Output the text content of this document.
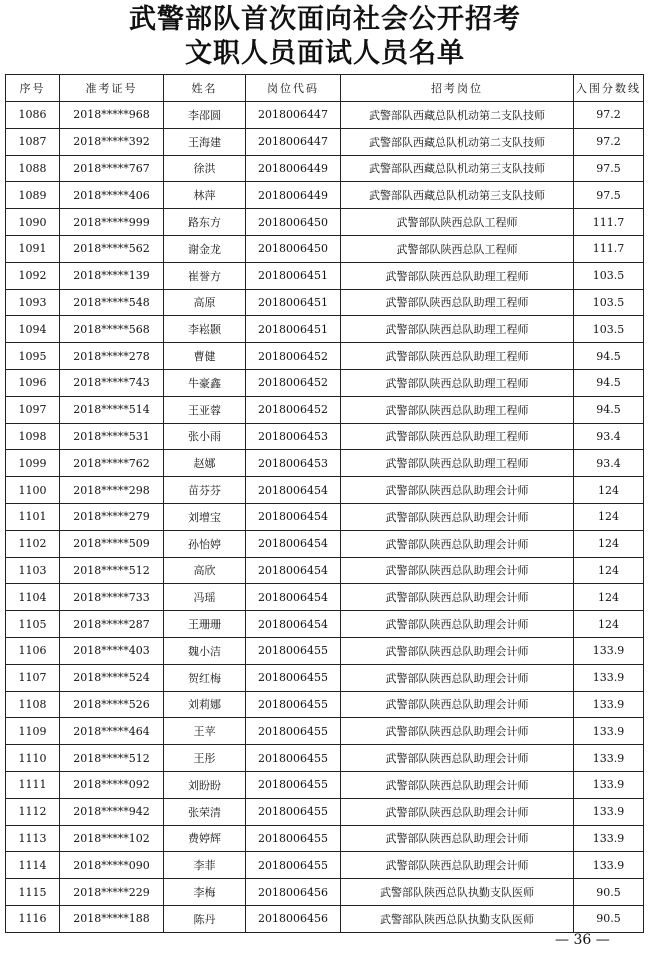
武警部队首次面向社会公开招考
文职人员面试人员名单
序号	准考证号	姓名	岗位代码	招考岗位	入围分数线
1086	2018*****968	李邵圆	2018006447	武警部队西藏总队机动第二支队技师	97.2
1087	2018*****392	王海建	2018006447	武警部队西藏总队机动第二支队技师	97.2
1088	2018*****767	徐洪	2018006449	武警部队西藏总队机动第三支队技师	97.5
1089	2018*****406	林萍	2018006449	武警部队西藏总队机动第三支队技师	97.5
1090	2018*****999	路东方	2018006450	武警部队陕西总队工程师	111.7
1091	2018*****562	谢金龙	2018006450	武警部队陕西总队工程师	111.7
1092	2018*****139	崔誉方	2018006451	武警部队陕西总队助理工程师	103.5
1093	2018*****548	高原	2018006451	武警部队陕西总队助理工程师	103.5
1094	2018*****568	李崧颢	2018006451	武警部队陕西总队助理工程师	103.5
1095	2018*****278	曹健	2018006452	武警部队陕西总队助理工程师	94.5
1096	2018*****743	牛豪鑫	2018006452	武警部队陕西总队助理工程师	94.5
1097	2018*****514	王亚蓉	2018006452	武警部队陕西总队助理工程师	94.5
1098	2018*****531	张小雨	2018006453	武警部队陕西总队助理工程师	93.4
1099	2018*****762	赵娜	2018006453	武警部队陕西总队助理工程师	93.4
1100	2018*****298	苗芬芬	2018006454	武警部队陕西总队助理会计师	124
1101	2018*****279	刘增宝	2018006454	武警部队陕西总队助理会计师	124
1102	2018*****509	孙怡婷	2018006454	武警部队陕西总队助理会计师	124
1103	2018*****512	高欣	2018006454	武警部队陕西总队助理会计师	124
1104	2018*****733	冯瑶	2018006454	武警部队陕西总队助理会计师	124
1105	2018*****287	王珊珊	2018006454	武警部队陕西总队助理会计师	124
1106	2018*****403	魏小洁	2018006455	武警部队陕西总队助理会计师	133.9
1107	2018*****524	贺红梅	2018006455	武警部队陕西总队助理会计师	133.9
1108	2018*****526	刘莉娜	2018006455	武警部队陕西总队助理会计师	133.9
1109	2018*****464	王苹	2018006455	武警部队陕西总队助理会计师	133.9
1110	2018*****512	王彤	2018006455	武警部队陕西总队助理会计师	133.9
1111	2018*****092	刘盼盼	2018006455	武警部队陕西总队助理会计师	133.9
1112	2018*****942	张荣清	2018006455	武警部队陕西总队助理会计师	133.9
1113	2018*****102	费婷辉	2018006455	武警部队陕西总队助理会计师	133.9
1114	2018*****090	李菲	2018006455	武警部队陕西总队助理会计师	133.9
1115	2018*****229	李梅	2018006456	武警部队陕西总队执勤支队医师	90.5
1116	2018*****188	陈丹	2018006456	武警部队陕西总队执勤支队医师	90.5
— 36 —
